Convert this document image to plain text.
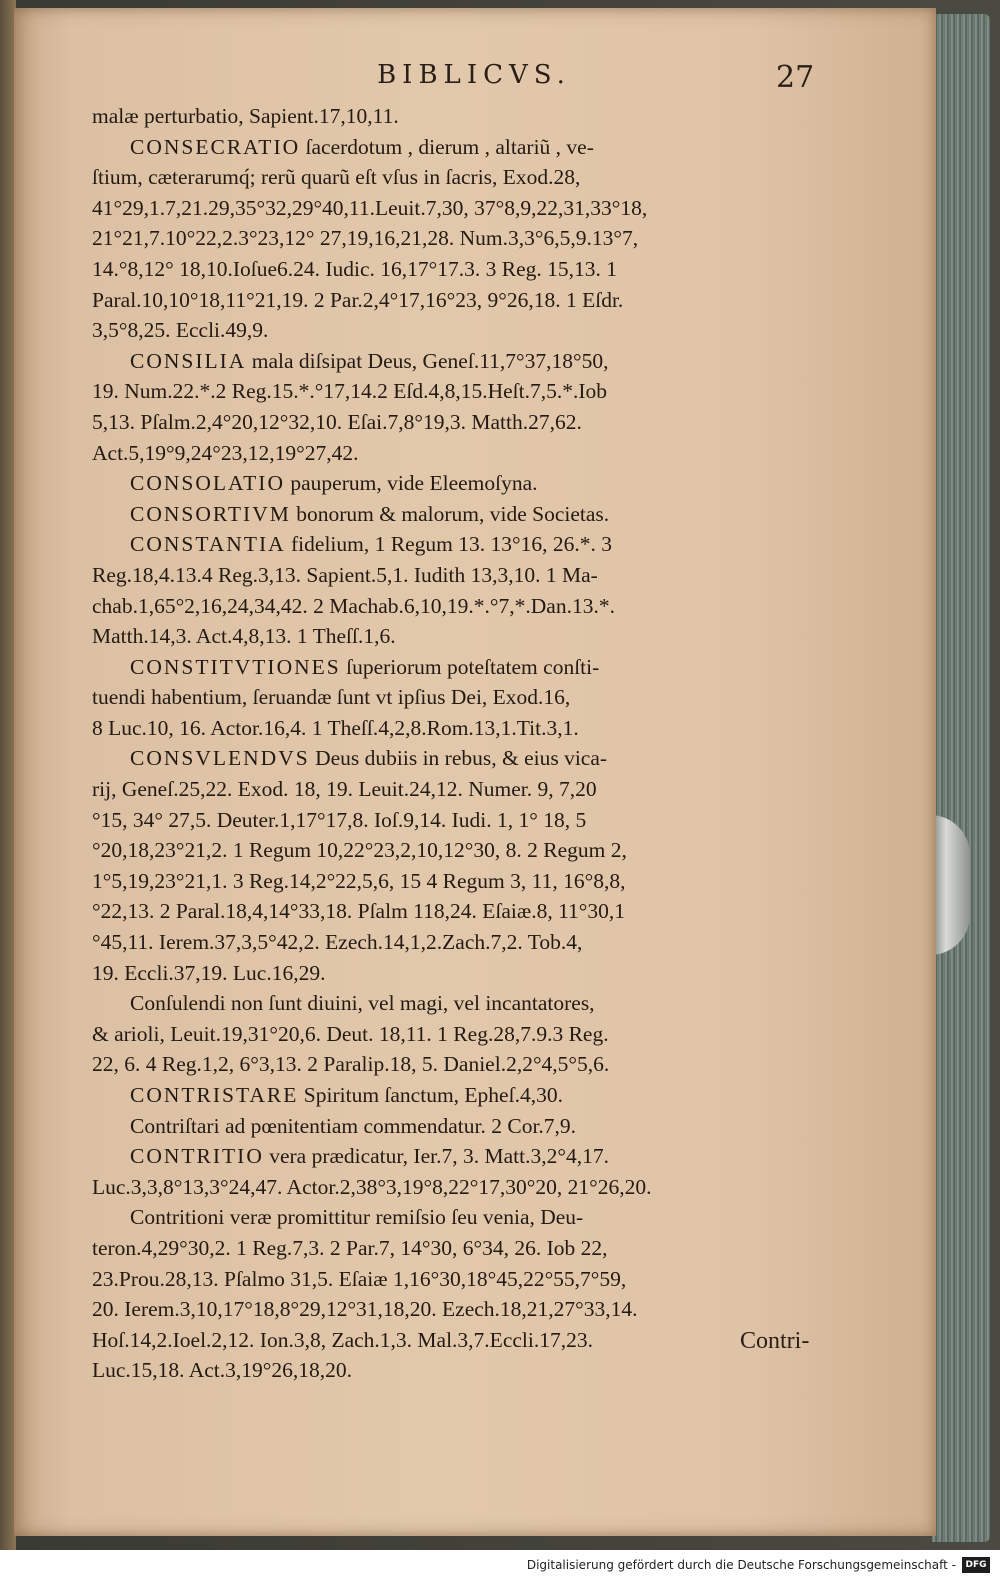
BIBLICVS.	27
malæ perturbatio, Sapient.17,10,11.
CONSECRATIO ſacerdotum , dierum , altariũ , ve-
ſtium, cæterarumq́; rerũ quarũ eſt vſus in ſacris, Exod.28,
41°29,1.7,21.29,35°32,29°40,11.Leuit.7,30, 37°8,9,22,31,33°18,
21°21,7.10°22,2.3°23,12° 27,19,16,21,28. Num.3,3°6,5,9.13°7,
14.°8,12° 18,10.Ioſue6.24. Iudic. 16,17°17.3. 3 Reg. 15,13. 1
Paral.10,10°18,11°21,19. 2 Par.2,4°17,16°23, 9°26,18. 1 Eſdr.
3,5°8,25. Eccli.49,9.
CONSILIA mala diſsipat Deus, Geneſ.11,7°37,18°50,
19. Num.22.*.2 Reg.15.*.°17,14.2 Eſd.4,8,15.Heſt.7,5.*.Iob
5,13. Pſalm.2,4°20,12°32,10. Eſai.7,8°19,3. Matth.27,62.
Act.5,19°9,24°23,12,19°27,42.
CONSOLATIO pauperum, vide Eleemoſyna.
CONSORTIVM bonorum & malorum, vide Societas.
CONSTANTIA fidelium, 1 Regum 13. 13°16, 26.*. 3
Reg.18,4.13.4 Reg.3,13. Sapient.5,1. Iudith 13,3,10. 1 Ma-
chab.1,65°2,16,24,34,42. 2 Machab.6,10,19.*.°7,*.Dan.13.*.
Matth.14,3. Act.4,8,13. 1 Theſſ.1,6.
CONSTITVTIONES ſuperiorum poteſtatem conſti-
tuendi habentium, ſeruandæ ſunt vt ipſius Dei, Exod.16,
8 Luc.10, 16. Actor.16,4. 1 Theſſ.4,2,8.Rom.13,1.Tit.3,1.
CONSVLENDVS Deus dubiis in rebus, & eius vica-
rij, Geneſ.25,22. Exod. 18, 19. Leuit.24,12. Numer. 9, 7,20
°15, 34° 27,5. Deuter.1,17°17,8. Ioſ.9,14. Iudi. 1, 1° 18, 5
°20,18,23°21,2. 1 Regum 10,22°23,2,10,12°30, 8. 2 Regum 2,
1°5,19,23°21,1. 3 Reg.14,2°22,5,6, 15 4 Regum 3, 11, 16°8,8,
°22,13. 2 Paral.18,4,14°33,18. Pſalm 118,24. Eſaiæ.8, 11°30,1
°45,11. Ierem.37,3,5°42,2. Ezech.14,1,2.Zach.7,2. Tob.4,
19. Eccli.37,19. Luc.16,29.
Conſulendi non ſunt diuini, vel magi, vel incantatores,
& arioli, Leuit.19,31°20,6. Deut. 18,11. 1 Reg.28,7.9.3 Reg.
22, 6. 4 Reg.1,2, 6°3,13. 2 Paralip.18, 5. Daniel.2,2°4,5°5,6.
CONTRISTARE Spiritum ſanctum, Epheſ.4,30.
Contriſtari ad pœnitentiam commendatur. 2 Cor.7,9.
CONTRITIO vera prædicatur, Ier.7, 3. Matt.3,2°4,17.
Luc.3,3,8°13,3°24,47. Actor.2,38°3,19°8,22°17,30°20, 21°26,20.
Contritioni veræ promittitur remiſsio ſeu venia, Deu-
teron.4,29°30,2. 1 Reg.7,3. 2 Par.7, 14°30, 6°34, 26. Iob 22,
23.Prou.28,13. Pſalmo 31,5. Eſaiæ 1,16°30,18°45,22°55,7°59,
20. Ierem.3,10,17°18,8°29,12°31,18,20. Ezech.18,21,27°33,14.
Hoſ.14,2.Ioel.2,12. Ion.3,8, Zach.1,3. Mal.3,7.Eccli.17,23.
Luc.15,18. Act.3,19°26,18,20.
Contri-
Digitalisierung gefördert durch die Deutsche Forschungsgemeinschaft -	DFG
